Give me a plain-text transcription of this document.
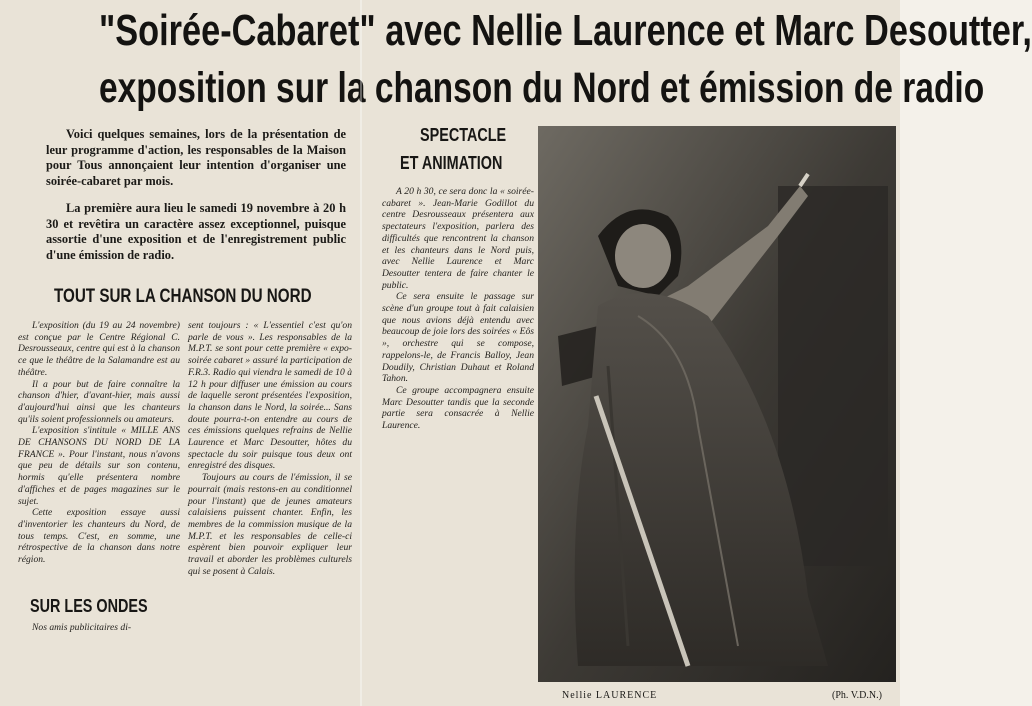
"Soirée-Cabaret" avec Nellie Laurence et Marc Desoutter,
exposition sur la chanson du Nord et émission de radio

Voici quelques semaines, lors de la présentation de leur programme d'action, les responsables de la Maison pour Tous annonçaient leur intention d'organiser une soirée-cabaret par mois.

La première aura lieu le samedi 19 novembre à 20 h 30 et revêtira un caractère assez exceptionnel, puisque assortie d'une exposition et de l'enregistrement public d'une émission de radio.

TOUT SUR LA CHANSON DU NORD

L'exposition (du 19 au 24 novembre) est conçue par le Centre Régional C. Desrousseaux, centre qui est à la chanson ce que le théâtre de la Salamandre est au théâtre.

Il a pour but de faire connaître la chanson d'hier, d'avant-hier, mais aussi d'aujourd'hui ainsi que les chanteurs qu'ils soient professionnels ou amateurs.

L'exposition s'intitule « MILLE ANS DE CHANSONS DU NORD DE LA FRANCE ». Pour l'instant, nous n'avons que peu de détails sur son contenu, hormis qu'elle présentera nombre d'affiches et de pages magazines sur le sujet.

Cette exposition essaye aussi d'inventorier les chanteurs du Nord, de tous temps. C'est, en somme, une rétrospective de la chanson dans notre région.

sent toujours : « L'essentiel c'est qu'on parle de vous ». Les responsables de la M.P.T. se sont pour cette première « expo-soirée cabaret » assuré la participation de F.R.3. Radio qui viendra le samedi de 10 à 12 h pour diffuser une émission au cours de laquelle seront présentées l'exposition, la chanson dans le Nord, la soirée... Sans doute pourra-t-on entendre au cours de ces émissions quelques refrains de Nellie Laurence et Marc Desoutter, hôtes du spectacle du soir puisque tous deux ont enregistré des disques.

Toujours au cours de l'émission, il se pourrait (mais restons-en au conditionnel pour l'instant) que de jeunes amateurs calaisiens puissent chanter. Enfin, les membres de la commission musique de la M.P.T. et les responsables de celle-ci espèrent bien pouvoir expliquer leur travail et aborder les problèmes culturels qui se posent à Calais.

SUR LES ONDES

Nos amis publicitaires di-

SPECTACLE
ET ANIMATION

A 20 h 30, ce sera donc la « soirée-cabaret ». Jean-Marie Godillot du centre Desrousseaux présentera aux spectateurs l'exposition, parlera des difficultés que rencontrent la chanson et les chanteurs dans le Nord puis, avec Nellie Laurence et Marc Desoutter tentera de faire chanter le public.

Ce sera ensuite le passage sur scène d'un groupe tout à fait calaisien que nous avions déjà entendu avec beaucoup de joie lors des soirées « Eôs », orchestre qui se compose, rappelons-le, de Francis Balloy, Jean Doudily, Christian Duhaut et Roland Tahon.

Ce groupe accompagnera ensuite Marc Desoutter tandis que la seconde partie sera consacrée à Nellie Laurence.

Nellie LAURENCE	(Ph. V.D.N.)
